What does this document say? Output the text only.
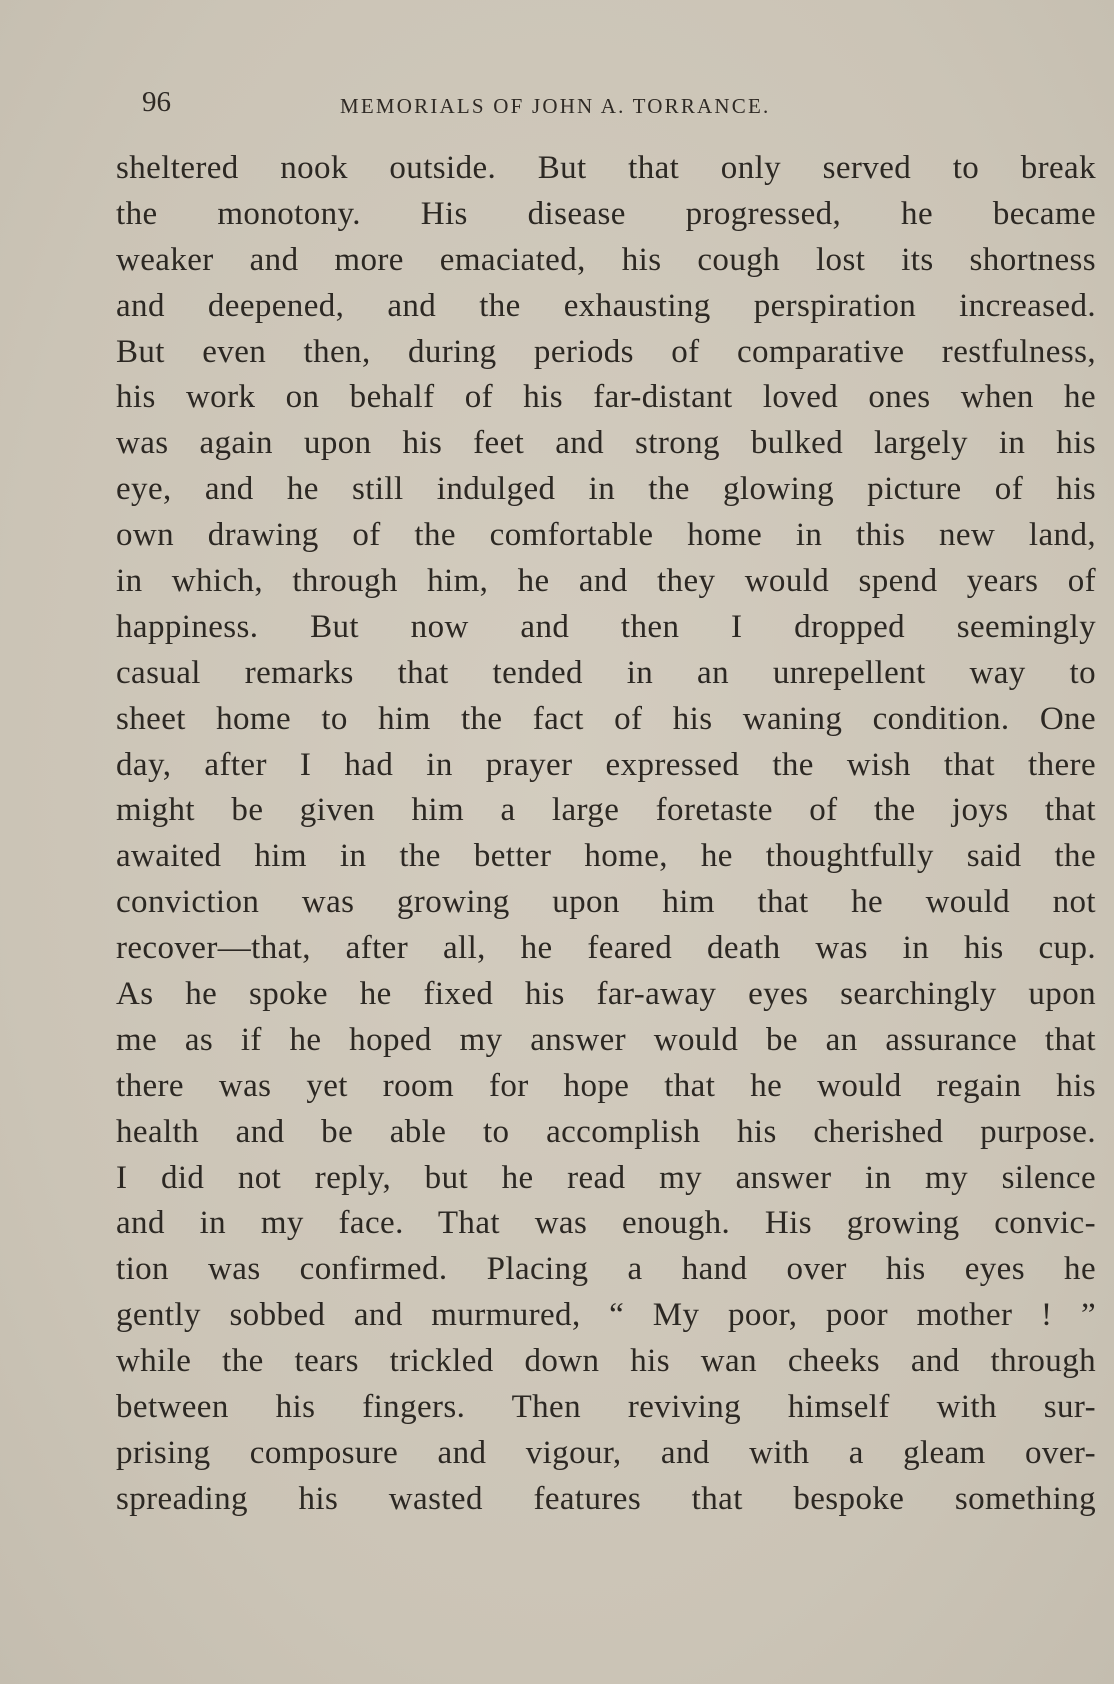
96	MEMORIALS OF JOHN A. TORRANCE.
sheltered nook outside. But that only served to break
the monotony. His disease progressed, he became
weaker and more emaciated, his cough lost its shortness
and deepened, and the exhausting perspiration increased.
But even then, during periods of comparative restfulness,
his work on behalf of his far-distant loved ones when he
was again upon his feet and strong bulked largely in his
eye, and he still indulged in the glowing picture of his
own drawing of the comfortable home in this new land,
in which, through him, he and they would spend years of
happiness. But now and then I dropped seemingly
casual remarks that tended in an unrepellent way to
sheet home to him the fact of his waning condition. One
day, after I had in prayer expressed the wish that there
might be given him a large foretaste of the joys that
awaited him in the better home, he thoughtfully said the
conviction was growing upon him that he would not
recover—that, after all, he feared death was in his cup.
As he spoke he fixed his far-away eyes searchingly upon
me as if he hoped my answer would be an assurance that
there was yet room for hope that he would regain his
health and be able to accomplish his cherished purpose.
I did not reply, but he read my answer in my silence
and in my face. That was enough. His growing convic-
tion was confirmed. Placing a hand over his eyes he
gently sobbed and murmured, “ My poor, poor mother ! ”
while the tears trickled down his wan cheeks and through
between his fingers. Then reviving himself with sur-
prising composure and vigour, and with a gleam over-
spreading his wasted features that bespoke something
